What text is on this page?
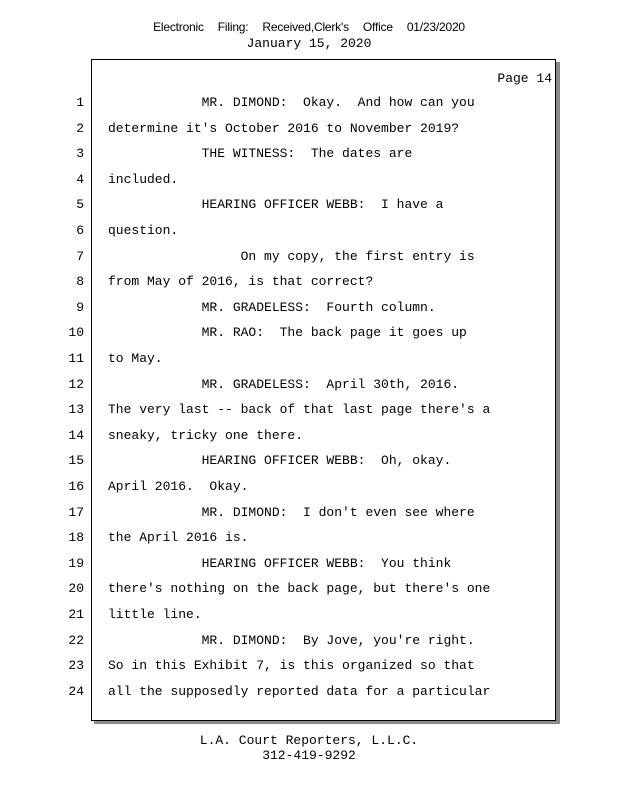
Electronic Filing: Received,Clerk's Office 01/23/2020
January 15, 2020
Page 14
1 MR. DIMOND:  Okay.  And how can you
2 determine it's October 2016 to November 2019?
3 THE WITNESS:  The dates are
4 included.
5 HEARING OFFICER WEBB:  I have a
6 question.
7 On my copy, the first entry is
8 from May of 2016, is that correct?
9 MR. GRADELESS:  Fourth column.
10 MR. RAO:  The back page it goes up
11 to May.
12 MR. GRADELESS:  April 30th, 2016.
13 The very last -- back of that last page there's a
14 sneaky, tricky one there.
15 HEARING OFFICER WEBB:  Oh, okay.
16 April 2016.  Okay.
17 MR. DIMOND:  I don't even see where
18 the April 2016 is.
19 HEARING OFFICER WEBB:  You think
20 there's nothing on the back page, but there's one
21 little line.
22 MR. DIMOND:  By Jove, you're right.
23 So in this Exhibit 7, is this organized so that
24 all the supposedly reported data for a particular
L.A. Court Reporters, L.L.C.
312-419-9292
